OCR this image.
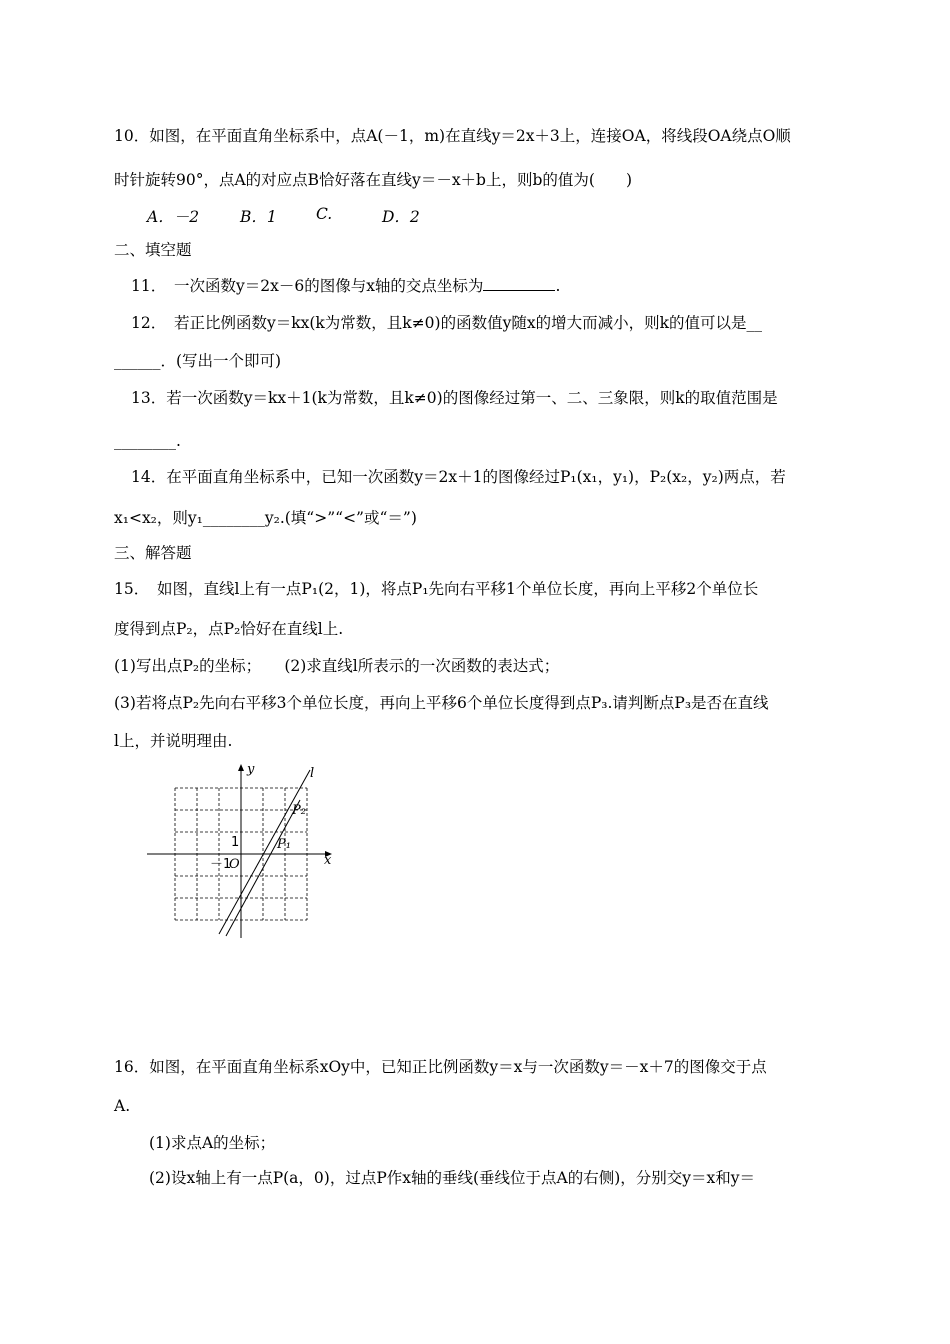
10．如图，在平面直角坐标系中，点A(－1，m)在直线y＝2x＋3上，连接OA，将线段OA绕点O顺
时针旋转90°，点A的对应点B恰好落在直线y＝－x＋b上，则b的值为(　　)
A．－2	B．1	C.	D．2
二、填空题
11．　一次函数y＝2x－6的图像与x轴的交点坐标为	.
12．　若正比例函数y＝kx(k为常数，且k≠0)的函数值y随x的增大而减小，则k的值可以是__
______．(写出一个即可)
13．若一次函数y＝kx＋1(k为常数，且k≠0)的图像经过第一、二、三象限，则k的取值范围是
________.
14．在平面直角坐标系中，已知一次函数y＝2x＋1的图像经过P₁(x₁，y₁)，P₂(x₂，y₂)两点，若
x₁<x₂，则y₁________y₂.(填“>”“<”或“＝”)
三、解答题
15．　如图，直线l上有一点P₁(2，1)，将点P₁先向右平移1个单位长度，再向上平移2个单位长
度得到点P₂，点P₂恰好在直线l上.
(1)写出点P₂的坐标；　　(2)求直线l所表示的一次函数的表达式；
(3)若将点P₂先向右平移3个单位长度，再向上平移6个单位长度得到点P₃.请判断点P₃是否在直线
l上，并说明理由.
y
x
l
P₂
P₁
O
－1
1
16．如图，在平面直角坐标系xOy中，已知正比例函数y＝x与一次函数y＝－x＋7的图像交于点
A.
(1)求点A的坐标；
(2)设x轴上有一点P(a，0)，过点P作x轴的垂线(垂线位于点A的右侧)，分别交y＝x和y＝
